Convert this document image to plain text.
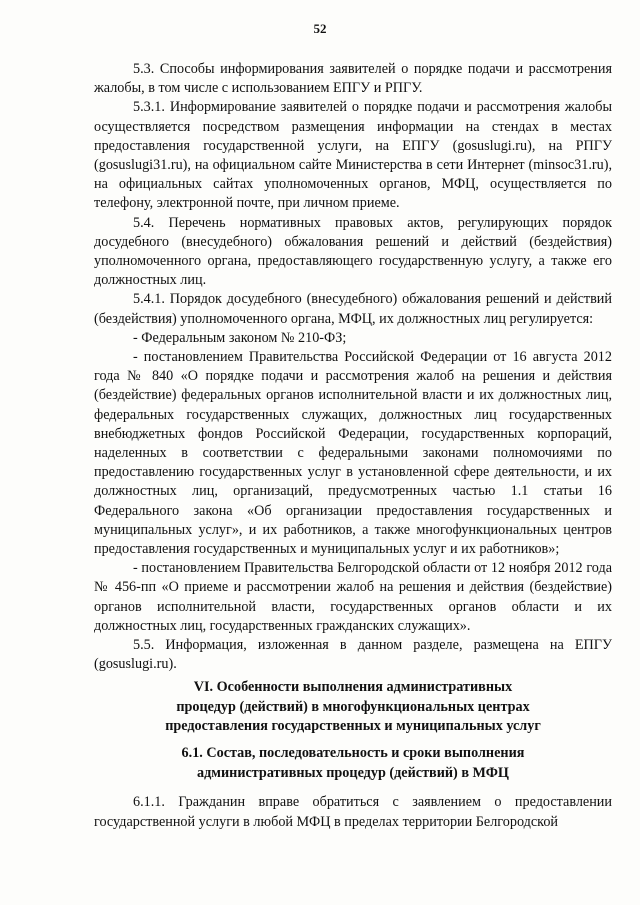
52

5.3. Способы информирования заявителей о порядке подачи и рассмотрения жалобы, в том числе с использованием ЕПГУ и РПГУ.

5.3.1. Информирование заявителей о порядке подачи и рассмотрения жалобы осуществляется посредством размещения информации на стендах в местах предоставления государственной услуги, на ЕПГУ (gosuslugi.ru), на РПГУ (gosuslugi31.ru), на официальном сайте Министерства в сети Интернет (minsoc31.ru), на официальных сайтах уполномоченных органов, МФЦ, осуществляется по телефону, электронной почте, при личном приеме.

5.4. Перечень нормативных правовых актов, регулирующих порядок досудебного (внесудебного) обжалования решений и действий (бездействия) уполномоченного органа, предоставляющего государственную услугу, а также его должностных лиц.

5.4.1. Порядок досудебного (внесудебного) обжалования решений и действий (бездействия) уполномоченного органа, МФЦ, их должностных лиц регулируется:

- Федеральным законом № 210-ФЗ;

- постановлением Правительства Российской Федерации от 16 августа 2012 года № 840 «О порядке подачи и рассмотрения жалоб на решения и действия (бездействие) федеральных органов исполнительной власти и их должностных лиц, федеральных государственных служащих, должностных лиц государственных внебюджетных фондов Российской Федерации, государственных корпораций, наделенных в соответствии с федеральными законами полномочиями по предоставлению государственных услуг в установленной сфере деятельности, и их должностных лиц, организаций, предусмотренных частью 1.1 статьи 16 Федерального закона «Об организации предоставления государственных и муниципальных услуг», и их работников, а также многофункциональных центров предоставления государственных и муниципальных услуг и их работников»;

- постановлением Правительства Белгородской области от 12 ноября 2012 года № 456-пп «О приеме и рассмотрении жалоб на решения и действия (бездействие) органов исполнительной власти, государственных органов области и их должностных лиц, государственных гражданских служащих».

5.5. Информация, изложенная в данном разделе, размещена на ЕПГУ (gosuslugi.ru).

VI. Особенности выполнения административных
процедур (действий) в многофункциональных центрах
предоставления государственных и муниципальных услуг
6.1. Состав, последовательность и сроки выполнения
административных процедур (действий) в МФЦ
6.1.1. Гражданин вправе обратиться с заявлением о предоставлении государственной услуги в любой МФЦ в пределах территории Белгородской
